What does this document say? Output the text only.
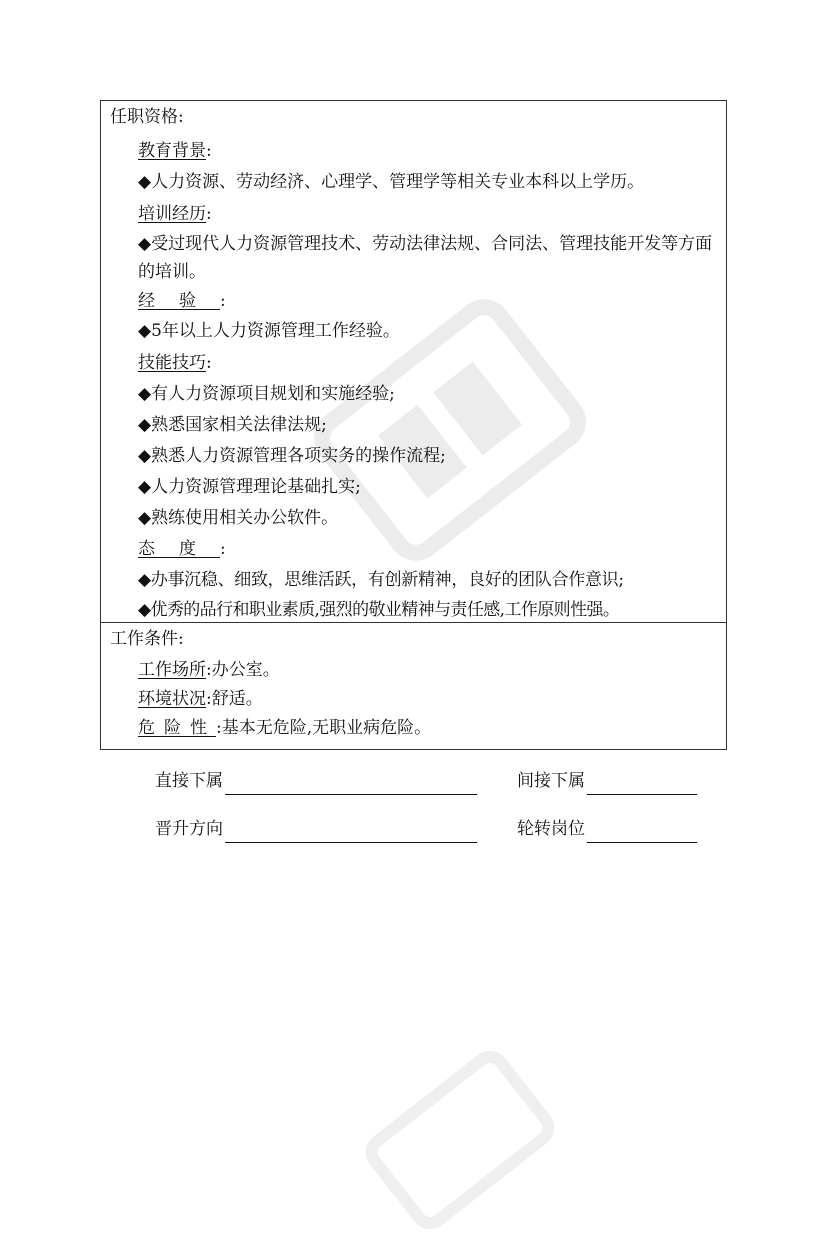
任职资格:
教育背景:
◆人力资源、劳动经济、心理学、管理学等相关专业本科以上学历。
培训经历:
◆受过现代人力资源管理技术、劳动法律法规、合同法、管理技能开发等方面的培训。
经验:
◆5年以上人力资源管理工作经验。
技能技巧:
◆有人力资源项目规划和实施经验;
◆熟悉国家相关法律法规;
◆熟悉人力资源管理各项实务的操作流程;
◆人力资源管理理论基础扎实;
◆熟练使用相关办公软件。
态度:
◆办事沉稳、细致，思维活跃，有创新精神，良好的团队合作意识;
◆优秀的品行和职业素质,强烈的敬业精神与责任感,工作原则性强。
工作条件:
工作场所:办公室。
环境状况:舒适。
危险性:基本无危险,无职业病危险。
直接下属	间接下属
晋升方向	轮转岗位
